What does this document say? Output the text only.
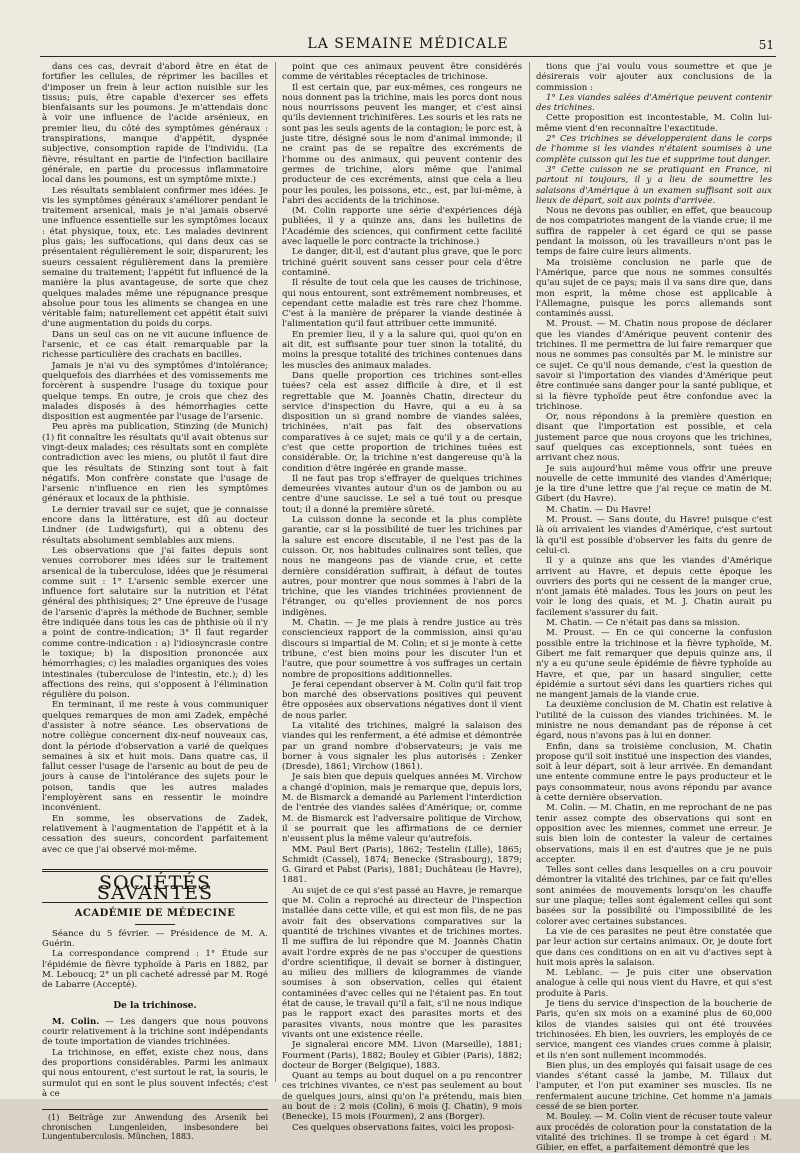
LA SEMAINE MÉDICALE	51

dans ces cas, devrait d'abord être en état de fortifier les cellules, de réprimer les bacilles et d'imposer un frein à leur action nuisible sur les tissus; puis, être capable d'exercer ses effets bienfaisants sur les poumons. Je m'attendais donc à voir une influence de l'acide arsénieux, en premier lieu, du côté des symptômes généraux : transpirations, manque d'appétit, dyspnée subjective, consomption rapide de l'individu. (La fièvre, résultant en partie de l'infection bacillaire générale, en partie du processus inflammatoire local dans les poumons, est un symptôme mixte.)

Les résultats semblaient confirmer mes idées. Je vis les symptômes généraux s'améliorer pendant le traitement arsenical, mais je n'ai jamais observé une influence essentielle sur les symptômes locaux : état physique, toux, etc. Les malades devinrent plus gais; les suffocations, qui dans deux cas se présentaient régulièrement le soir, disparurent; les sueurs cessaient régulièrement dans la première semaine du traitement; l'appétit fut influencé de la manière la plus avantageuse, de sorte que chez quelques malades même une répugnance presque absolue pour tous les aliments se changea en une véritable faim; naturellement cet appétit était suivi d'une augmentation du poids du corps.

Dans un seul cas on ne vit aucune influence de l'arsenic, et ce cas était remarquable par la richesse particulière des crachats en bacilles.

Jamais je n'ai vu des symptômes d'intolérance; quelquefois des diarrhées et des vomissements me forcèrent à suspendre l'usage du toxique pour quelque temps. En outre, je crois que chez des malades disposés à des hémorrhagies cette disposition est augmentée par l'usage de l'arsenic.

Peu après ma publication, Stinzing (de Munich) (1) fit connaître les résultats qu'il avait obtenus sur vingt-deux malades; ces résultats sont en complète contradiction avec les miens, ou plutôt il faut dire que les résultats de Stinzing sont tout à fait négatifs. Mon confrère constate que l'usage de l'arsenic n'influence en rien les symptômes généraux et locaux de la phthisie.

Le dernier travail sur ce sujet, que je connaisse encore dans la littérature, est dû au docteur Lindner (de Ludwigsfurt), qui a obtenu des résultats absolument semblables aux miens.

Les observations que j'ai faites depuis sont venues corroborer mes idées sur le traitement arsenical de la tuberculose, idées que je résumerai comme suit : 1° L'arsenic semble exercer une influence fort salutaire sur la nutrition et l'état général des phthisiques; 2° Une épreuve de l'usage de l'arsenic d'après la méthode de Buchner, semble être indiquée dans tous les cas de phthisie où il n'y a point de contre-indication; 3° Il faut regarder comme contre-indication : a) l'idiosyncrasie contre le toxique; b) la disposition prononcée aux hémorrhagies; c) les maladies organiques des voies intestinales (tuberculose de l'intestin, etc.); d) les affections des reins, qui s'opposent à l'élimination régulière du poison.

En terminant, il me reste à vous communiquer quelques remarques de mon ami Zadek, empêché d'assister à notre séance. Les observations de notre collègue concernent dix-neuf nouveaux cas, dont la période d'observation a varié de quelques semaines à six et huit mois. Dans quatre cas, il fallut cesser l'usage de l'arsenic au bout de peu de jours à cause de l'intolérance des sujets pour le poison, tandis que les autres malades l'employèrent sans en ressentir le moindre inconvénient.

En somme, les observations de Zadek, relativement à l'augmentation de l'appétit et à la cessation des sueurs, concordent parfaitement avec ce que j'ai observé moi-même.

SOCIÉTÉS SAVANTES
ACADÉMIE DE MÉDECINE

Séance du 5 février. — Présidence de M. A. Guérin.

La correspondance comprend : 1° Étude sur l'épidémie de fièvre typhoïde à Paris en 1882, par M. Leboucq; 2° un pli cacheté adressé par M. Rogé de Labarre (Accepté).

De la trichinose.

M. Colin. — Les dangers que nous pouvons courir relativement à la trichine sont indépendants de toute importation de viandes trichinées.

La trichinose, en effet, existe chez nous, dans des proportions considérables. Parmi les animaux qui nous entourent, c'est surtout le rat, la souris, le surmulot qui en sont le plus souvent infectés; c'est à ce

(1) Beiträge zur Anwendung des Arsenik bei chronischen Lungenleiden, insbesondere bei Lungentuberculosis. München, 1883.

point que ces animaux peuvent être considérés comme de véritables réceptacles de trichinose.

Il est certain que, par eux-mêmes, ces rongeurs ne nous donnent pas la trichine, mais les porcs dont nous nous nourrissons peuvent les manger, et c'est ainsi qu'ils deviennent trichinifères. Les souris et les rats ne sont pas les seuls agents de la contagion; le porc est, à juste titre, désigné sous le nom d'animal immonde; il ne craint pas de se repaître des excréments de l'homme ou des animaux, qui peuvent contenir des germes de trichine, alors même que l'animal producteur de ces excréments, ainsi que cela a lieu pour les poules, les poissons, etc., est, par lui-même, à l'abri des accidents de la trichinose.

(M. Colin rapporte une série d'expériences déjà publiées, il y a quinze ans, dans les bulletins de l'Académie des sciences, qui confirment cette facilité avec laquelle le porc contracte la trichinose.)

Le danger, dit-il, est d'autant plus grave, que le porc trichiné guérit souvent sans cesser pour cela d'être contaminé.

Il résulte de tout cela que les causes de trichinose, qui nous entourent, sont extrêmement nombreuses, et cependant cette maladie est très rare chez l'homme. C'est à la manière de préparer la viande destinée à l'alimentation qu'il faut attribuer cette immunité.

En premier lieu, il y a la salure qui, quoi qu'on en ait dit, est suffisante pour tuer sinon la totalité, du moins la presque totalité des trichines contenues dans les muscles des animaux malades.

Dans quelle proportion ces trichines sont-elles tuées? cela est assez difficile à dire, et il est regrettable que M. Joannès Chatin, directeur du service d'inspection du Havre, qui a eu à sa disposition un si grand nombre de viandes salées, trichinées, n'ait pas fait des observations comparatives à ce sujet; mais ce qu'il y a de certain, c'est que cette proportion de trichines tuées est considérable. Or, la trichine n'est dangereuse qu'à la condition d'être ingérée en grande masse.

Il ne faut pas trop s'effrayer de quelques trichines demeurées vivantes autour d'un os de jambon ou au centre d'une saucisse. Le sel a tué tout ou presque tout; il a donné la première sûreté.

La cuisson donne la seconde et la plus complète garantie, car si la possibilité de tuer les trichines par la salure est encore discutable, il ne l'est pas de la cuisson. Or, nos habitudes culinaires sont telles, que nous ne mangeons pas de viande crue, et cette dernière considération suffirait, à défaut de toutes autres, pour montrer que nous sommes à l'abri de la trichine, que les viandes trichinées proviennent de l'étranger, ou qu'elles proviennent de nos porcs indigènes.

M. Chatin. — Je me plais à rendre justice au très consciencieux rapport de la commission, ainsi qu'au discours si impartial de M. Colin; et si je monte à cette tribune, c'est bien moins pour les discuter l'un et l'autre, que pour soumettre à vos suffrages un certain nombre de propositions additionnelles.

Je ferai cependant observer à M. Colin qu'il fait trop bon marché des observations positives qui peuvent être opposées aux observations négatives dont il vient de nous parler.

La vitalité des trichines, malgré la salaison des viandes qui les renferment, a été admise et démontrée par un grand nombre d'observateurs; je vais me borner à vous signaler les plus autorisés : Zenker (Dresde), 1861; Virchow (1861).

Je sais bien que depuis quelques années M. Virchow a changé d'opinion, mais je remarque que, depuis lors, M. de Bismarck a demandé au Parlement l'interdiction de l'entrée des viandes salées d'Amérique; or, comme M. de Bismarck est l'adversaire politique de Virchow, il se pourrait que les affirmations de ce dernier n'eussent plus la même valeur qu'autrefois.

MM. Paul Bert (Paris), 1862; Testelin (Lille), 1865; Schmidt (Cassel), 1874; Benecke (Strasbourg), 1879; G. Girard et Pabst (Paris), 1881; Duchâteau (le Havre), 1881.

Au sujet de ce qui s'est passé au Havre, je remarque que M. Colin a reproché au directeur de l'inspection installée dans cette ville, et qui est mon fils, de ne pas avoir fait des observations comparatives sur la quantité de trichines vivantes et de trichines mortes. Il me suffira de lui répondre que M. Joannès Chatin avait l'ordre exprès de ne pas s'occuper de questions d'ordre scientifique, il devait se borner à distinguer, au milieu des milliers de kilogrammes de viande soumises à son observation, celles qui étaient contaminées d'avec celles qui ne l'étaient pas. En tout état de cause, le travail qu'il a fait, s'il ne nous indique pas le rapport exact des parasites morts et des parasites vivants, nous montre que les parasites vivants ont une existence réelle.

Je signalerai encore MM. Livon (Marseille), 1881; Fourment (Paris), 1882; Bouley et Gibier (Paris), 1882; docteur de Borger (Belgique), 1883.

Quant au temps au bout duquel on a pu rencontrer ces trichines vivantes, ce n'est pas seulement au bout de quelques jours, ainsi qu'on l'a prétendu, mais bien au bout de : 2 mois (Colin), 6 mois (J. Chatin), 9 mois (Benecke), 15 mois (Fourmen), 2 ans (Borger).

Ces quelques observations faites, voici les proposi-

tions que j'ai voulu vous soumettre et que je désirerais voir ajouter aux conclusions de la commission :

1° Les viandes salées d'Amérique peuvent contenir des trichines.

Cette proposition est incontestable, M. Colin lui-même vient d'en reconnaître l'exactitude.

2° Ces trichines se développeraient dans le corps de l'homme si les viandes n'étaient soumises à une complète cuisson qui les tue et supprime tout danger.

3° Cette cuisson ne se pratiquant en France, ni partout ni toujours, il y a lieu de soumettre les salaisons d'Amérique à un examen suffisant soit aux lieux de départ, soit aux points d'arrivée.

Nous ne devons pas oublier, en effet, que beaucoup de nos compatriotes mangent de la viande crue; il me suffira de rappeler à cet égard ce qui se passe pendant la moisson, où les travailleurs n'ont pas le temps de faire cuire leurs aliments.

Ma troisième conclusion ne parle que de l'Amérique, parce que nous ne sommes consultés qu'au sujet de ce pays; mais il va sans dire que, dans mon esprit, la même chose est applicable à l'Allemagne, puisque les porcs allemands sont contaminés aussi.

M. Proust. — M. Chatin nous propose de déclarer que les viandes d'Amérique peuvent contenir des trichines. Il me permettra de lui faire remarquer que nous ne sommes pas consultés par M. le ministre sur ce sujet. Ce qu'il nous demande, c'est la question de savoir si l'importation des viandes d'Amérique peut être continuée sans danger pour la santé publique, et si la fièvre typhoïde peut être confondue avec la trichinose.

Or, nous répondons à la première question en disant que l'importation est possible, et cela justement parce que nous croyons que les trichines, sauf quelques cas exceptionnels, sont tuées en arrivant chez nous.

Je suis aujourd'hui même vous offrir une preuve nouvelle de cette immunité des viandes d'Amérique; je la tire d'une lettre que j'ai reçue ce matin de M. Gibert (du Havre).

M. Chatin. — Du Havre!

M. Proust. — Sans doute, du Havre! puisque c'est là où arrivaient les viandes d'Amérique, c'est surtout là qu'il est possible d'observer les faits du genre de celui-ci.

Il y a quinze ans que les viandes d'Amérique arrivent au Havre, et depuis cette époque les ouvriers des ports qui ne cessent de la manger crue, n'ont jamais été malades. Tous les jours on peut les voir le long des quais, et M. J. Chatin aurait pu facilement s'assurer du fait.

M. Chatin. — Ce n'était pas dans sa mission.

M. Proust. — En ce qui concerne la confusion possible entre la trichinose et la fièvre typhoïde, M. Gibert me fait remarquer que depuis quinze ans, il n'y a eu qu'une seule épidémie de fièvre typhoïde au Havre, et que, par un hasard singulier, cette épidémie a surtout sévi dans les quartiers riches qui ne mangent jamais de la viande crue.

La deuxième conclusion de M. Chatin est relative à l'utilité de la cuisson des viandes trichinées. M. le ministre ne nous demandant pas de réponse à cet égard, nous n'avons pas à lui en donner.

Enfin, dans sa troisième conclusion, M. Chatin propose qu'il soit institué une inspection des viandes, soit à leur départ, soit à leur arrivée. En demandant une entente commune entre le pays producteur et le pays consommateur, nous avons répondu par avance à cette dernière observation.

M. Colin. — M. Chatin, en me reprochant de ne pas tenir assez compte des observations qui sont en opposition avec les miennes, commet une erreur. Je suis bien loin de contester la valeur de certaines observations, mais il en est d'autres que je ne puis accepter.

Telles sont celles dans lesquelles on a cru pouvoir démontrer la vitalité des trichines, par ce fait qu'elles sont animées de mouvements lorsqu'on les chauffe sur une plaque; telles sont également celles qui sont basées sur la possibilité ou l'impossibilité de les colorer avec certaines substances.

La vie de ces parasites ne peut être constatée que par leur action sur certains animaux. Or, je doute fort que dans ces conditions on en ait vu d'actives sept à huit mois après la salaison.

M. Leblanc. — Je puis citer une observation analogue à celle qui nous vient du Havre, et qui s'est produite à Paris.

Je tiens du service d'inspection de la boucherie de Paris, qu'en six mois on a examiné plus de 60,000 kilos de viandes saisies qui ont été trouvées trichinosées. Eh bien, les ouvriers, les employés de ce service, mangent ces viandes crues comme à plaisir, et ils n'en sont nullement incommodés.

Bien plus, un des employés qui faisait usage de ces viandes s'étant cassé la jambe, M. Tillaux dut l'amputer, et l'on put examiner ses muscles. Ils ne renfermaient aucune trichine. Cet homme n'a jamais cessé de se bien porter.

M. Bouley. — M. Colin vient de récuser toute valeur aux procédés de coloration pour la constatation de la vitalité des trichines. Il se trompe à cet égard : M. Gibier, en effet, a parfaitement démontré que les
